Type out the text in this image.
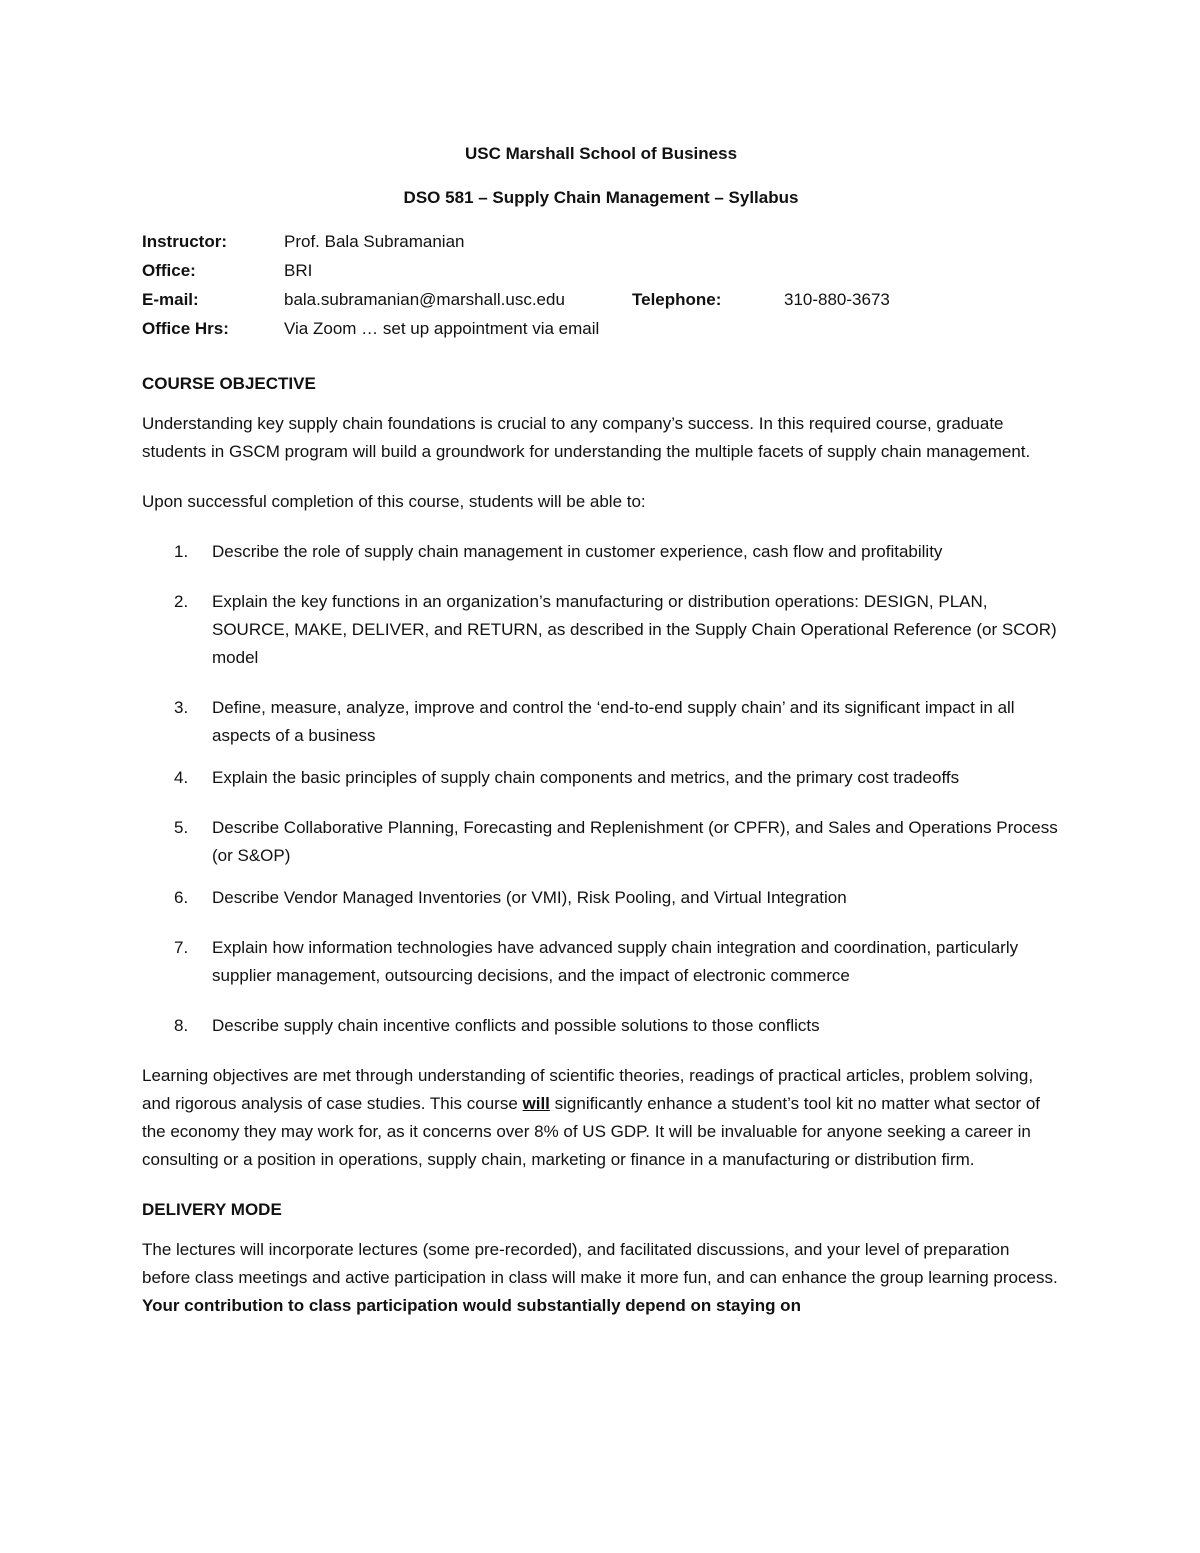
USC Marshall School of Business
DSO 581 – Supply Chain Management – Syllabus
Instructor:	Prof. Bala Subramanian		
Office:	BRI		
E-mail:	bala.subramanian@marshall.usc.edu	Telephone:	310-880-3673
Office Hrs:	Via Zoom … set up appointment via email		
COURSE OBJECTIVE

Understanding key supply chain foundations is crucial to any company’s success. In this required course, graduate students in GSCM program will build a groundwork for understanding the multiple facets of supply chain management.

Upon successful completion of this course, students will be able to:

1. Describe the role of supply chain management in customer experience, cash flow and profitability
2. Explain the key functions in an organization’s manufacturing or distribution operations: DESIGN, PLAN, SOURCE, MAKE, DELIVER, and RETURN, as described in the Supply Chain Operational Reference (or SCOR) model
3. Define, measure, analyze, improve and control the ‘end-to-end supply chain’ and its significant impact in all aspects of a business
4. Explain the basic principles of supply chain components and metrics, and the primary cost tradeoffs
5. Describe Collaborative Planning, Forecasting and Replenishment (or CPFR), and Sales and Operations Process (or S&OP)
6. Describe Vendor Managed Inventories (or VMI), Risk Pooling, and Virtual Integration
7. Explain how information technologies have advanced supply chain integration and coordination, particularly supplier management, outsourcing decisions, and the impact of electronic commerce
8. Describe supply chain incentive conflicts and possible solutions to those conflicts

Learning objectives are met through understanding of scientific theories, readings of practical articles, problem solving, and rigorous analysis of case studies. This course will significantly enhance a student’s tool kit no matter what sector of the economy they may work for, as it concerns over 8% of US GDP. It will be invaluable for anyone seeking a career in consulting or a position in operations, supply chain, marketing or finance in a manufacturing or distribution firm.

DELIVERY MODE

The lectures will incorporate lectures (some pre-recorded), and facilitated discussions, and your level of preparation before class meetings and active participation in class will make it more fun, and can enhance the group learning process. Your contribution to class participation would substantially depend on staying on
